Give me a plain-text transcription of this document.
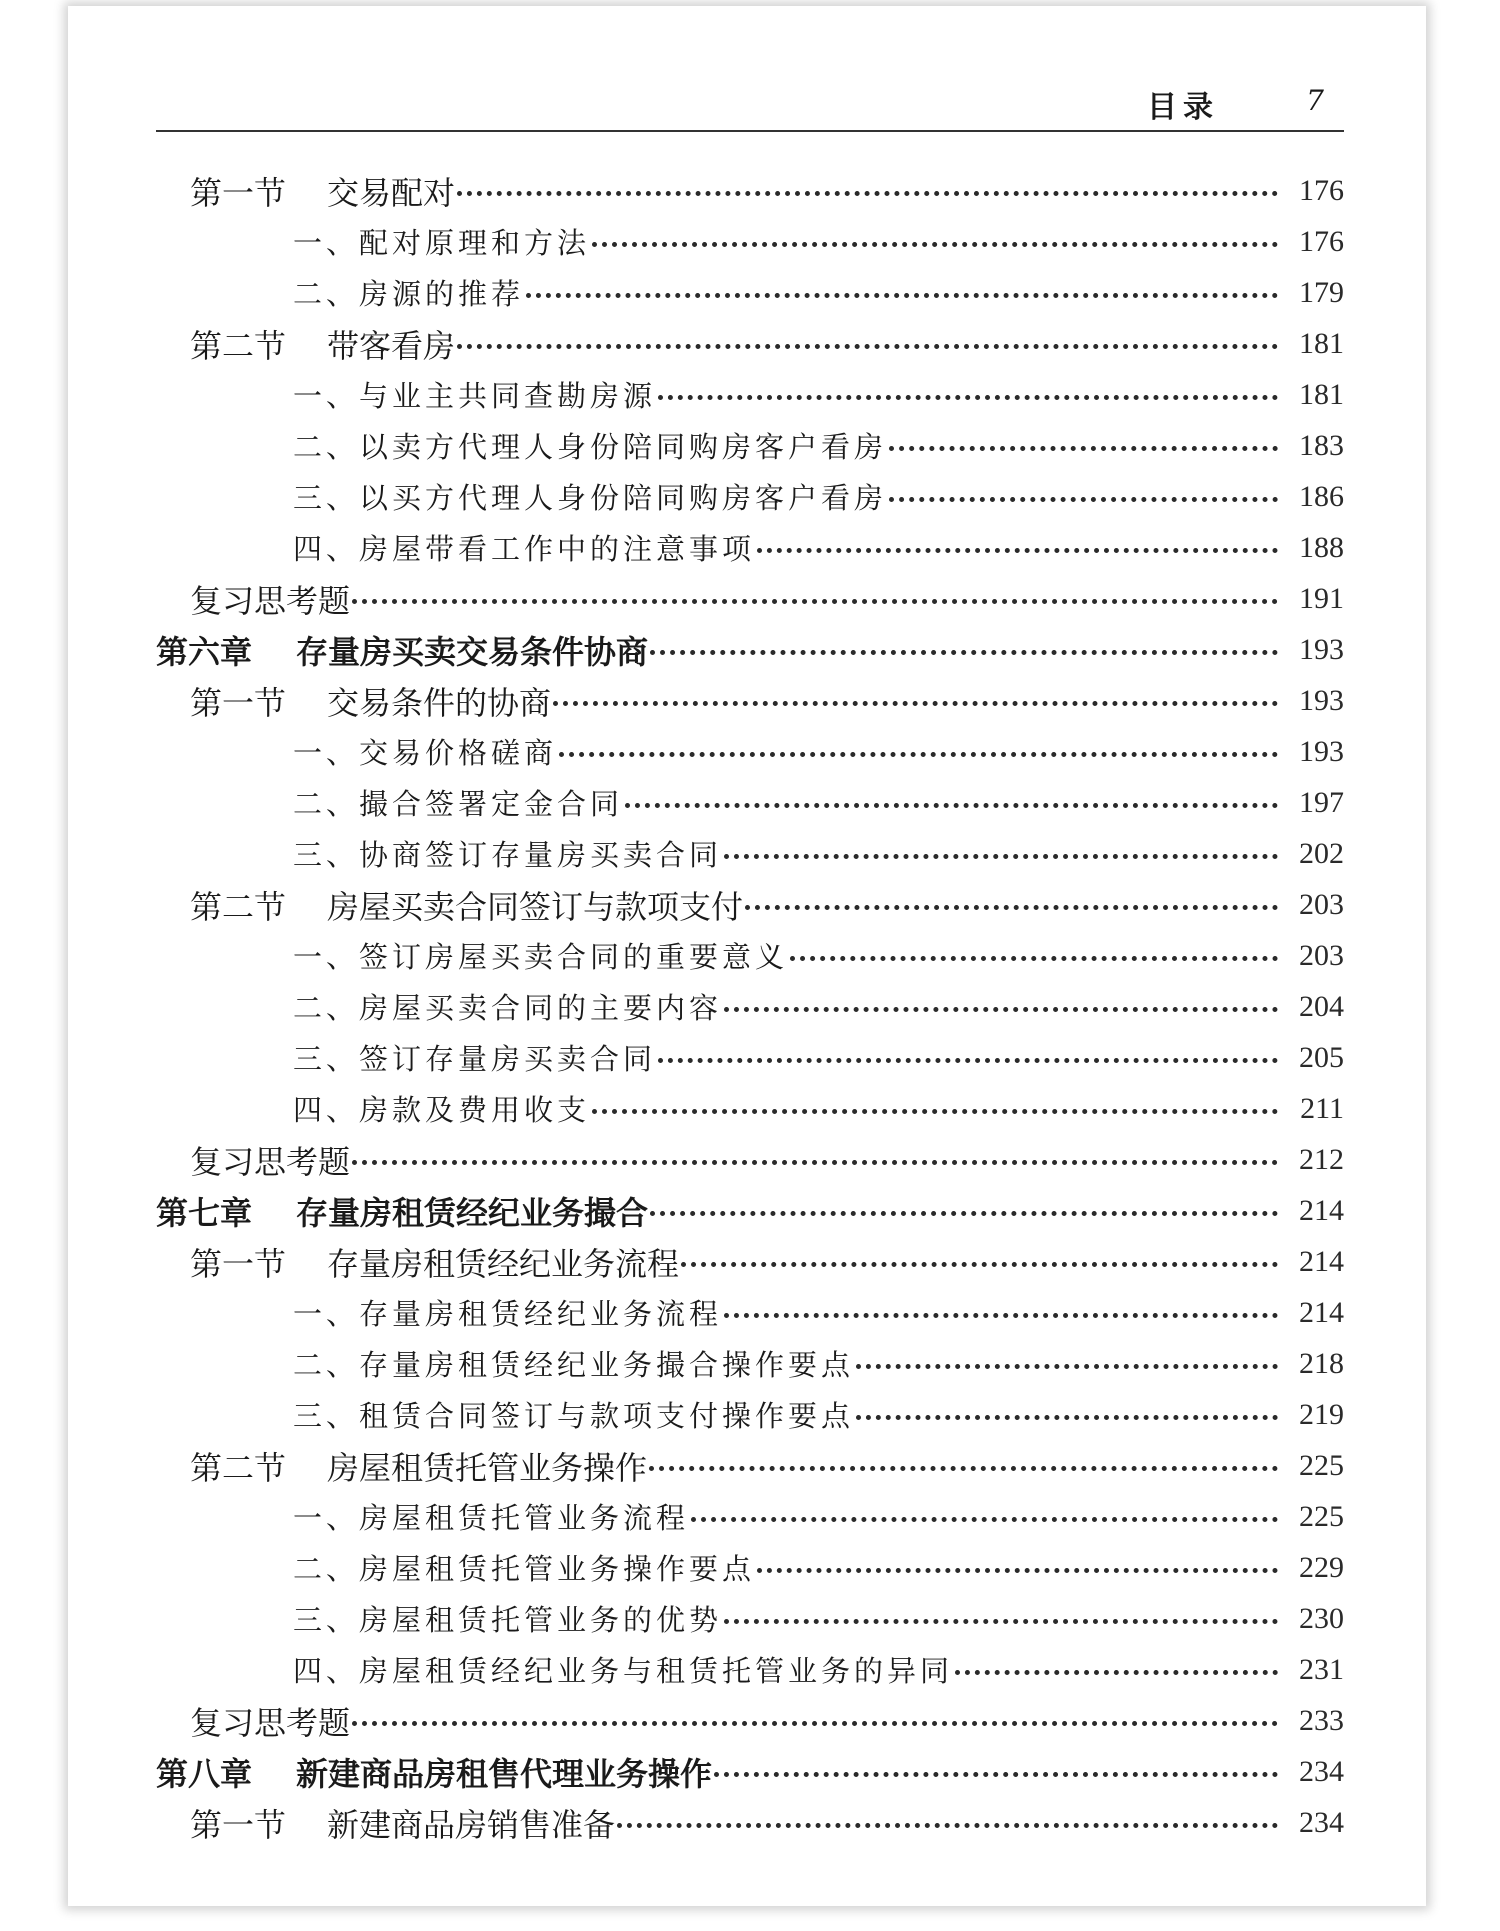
目录	7
第一节 交易配对	176
一、配对原理和方法	176
二、房源的推荐	179
第二节 带客看房	181
一、与业主共同查勘房源	181
二、以卖方代理人身份陪同购房客户看房	183
三、以买方代理人身份陪同购房客户看房	186
四、房屋带看工作中的注意事项	188
复习思考题	191
第六章 存量房买卖交易条件协商	193
第一节 交易条件的协商	193
一、交易价格磋商	193
二、撮合签署定金合同	197
三、协商签订存量房买卖合同	202
第二节 房屋买卖合同签订与款项支付	203
一、签订房屋买卖合同的重要意义	203
二、房屋买卖合同的主要内容	204
三、签订存量房买卖合同	205
四、房款及费用收支	211
复习思考题	212
第七章 存量房租赁经纪业务撮合	214
第一节 存量房租赁经纪业务流程	214
一、存量房租赁经纪业务流程	214
二、存量房租赁经纪业务撮合操作要点	218
三、租赁合同签订与款项支付操作要点	219
第二节 房屋租赁托管业务操作	225
一、房屋租赁托管业务流程	225
二、房屋租赁托管业务操作要点	229
三、房屋租赁托管业务的优势	230
四、房屋租赁经纪业务与租赁托管业务的异同	231
复习思考题	233
第八章 新建商品房租售代理业务操作	234
第一节 新建商品房销售准备	234
